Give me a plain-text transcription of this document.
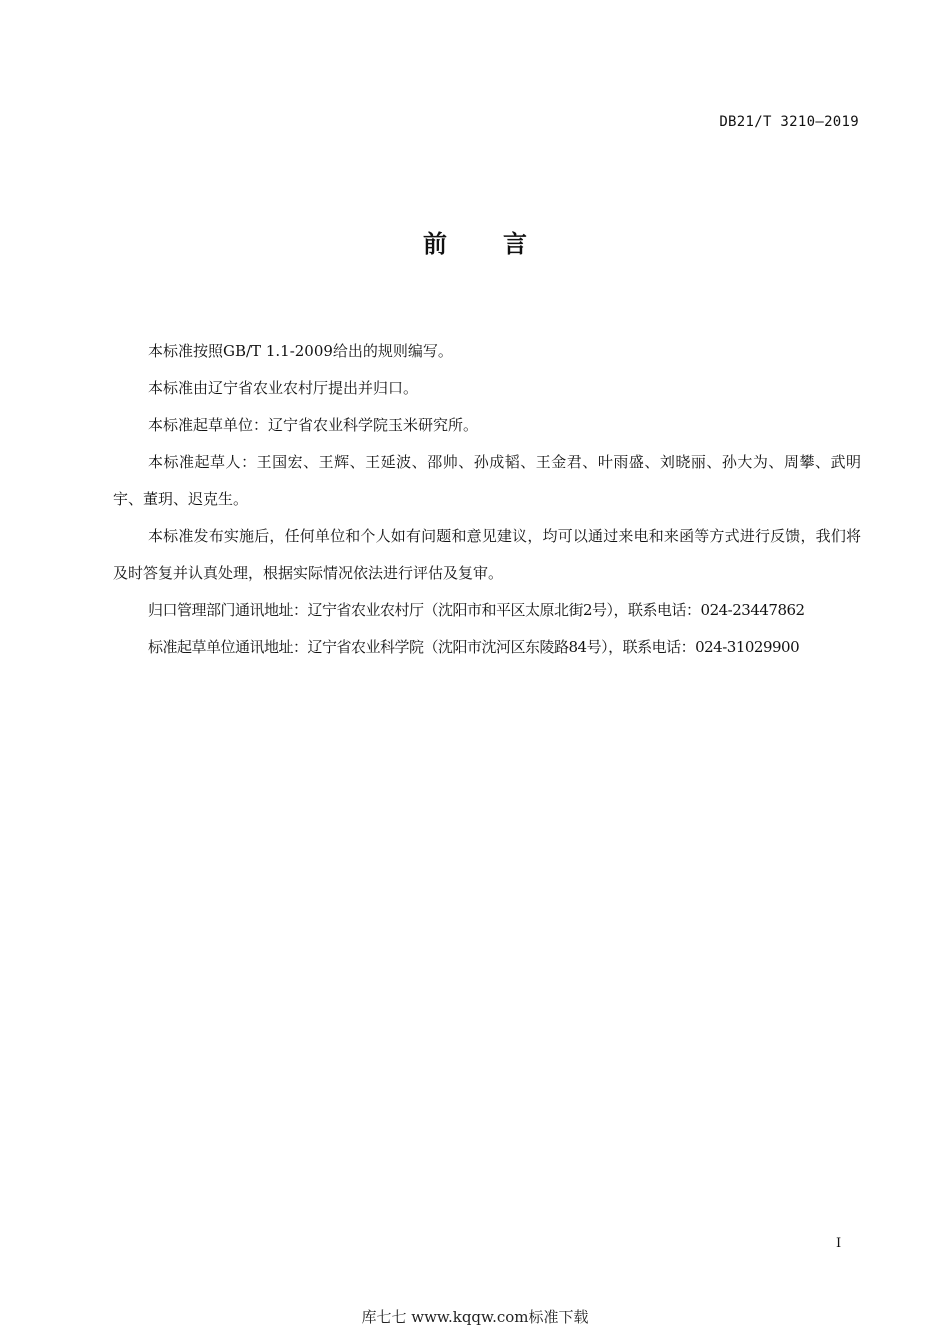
DB21/T 3210—2019
前言

本标准按照GB/T 1.1-2009给出的规则编写。

本标准由辽宁省农业农村厅提出并归口。

本标准起草单位：辽宁省农业科学院玉米研究所。

本标准起草人：王国宏、王辉、王延波、邵帅、孙成韬、王金君、叶雨盛、刘晓丽、孙大为、周攀、武明宇、董玥、迟克生。

本标准发布实施后，任何单位和个人如有问题和意见建议，均可以通过来电和来函等方式进行反馈，我们将及时答复并认真处理，根据实际情况依法进行评估及复审。

归口管理部门通讯地址：辽宁省农业农村厅（沈阳市和平区太原北街2号），联系电话：024-23447862

标准起草单位通讯地址：辽宁省农业科学院（沈阳市沈河区东陵路84号），联系电话：024-31029900

I
库七七 www.kqqw.com标准下载
